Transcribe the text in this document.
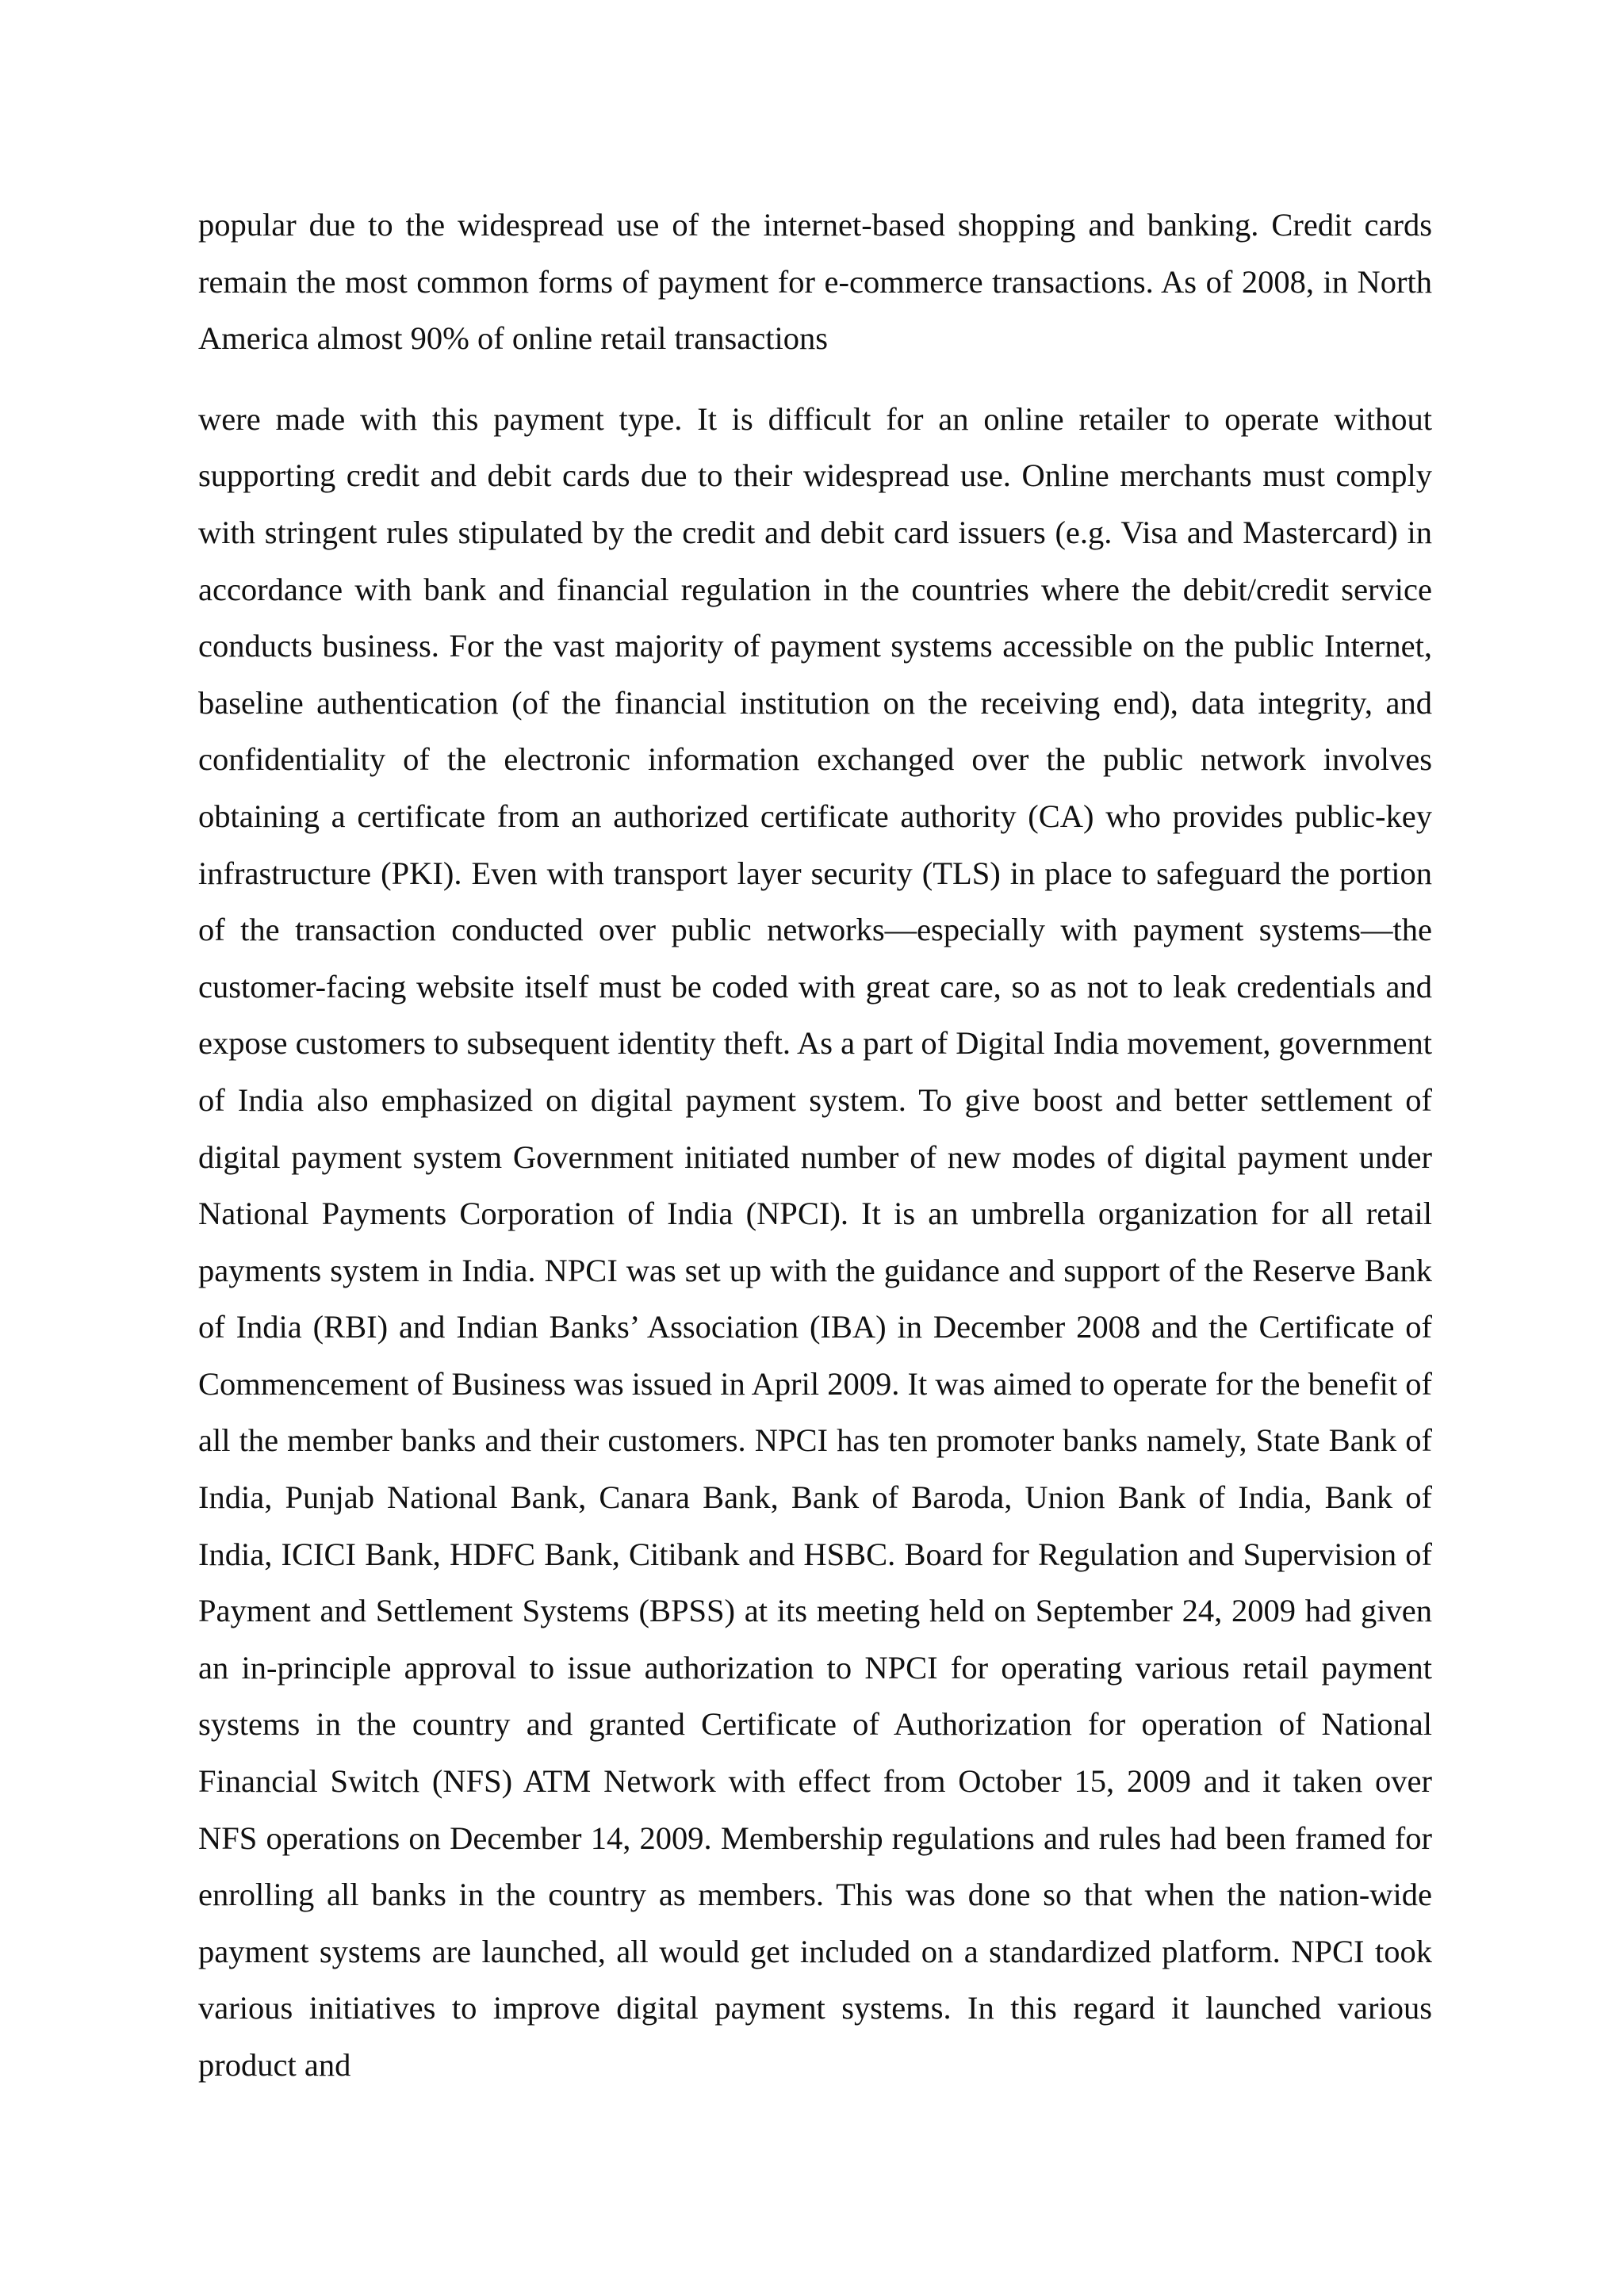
popular due to the widespread use of the internet-based shopping and banking. Credit cards remain the most common forms of payment for e-commerce transactions. As of 2008, in North America almost 90% of online retail transactions

were made with this payment type. It is difficult for an online retailer to operate without supporting credit and debit cards due to their widespread use. Online merchants must comply with stringent rules stipulated by the credit and debit card issuers (e.g. Visa and Mastercard) in accordance with bank and financial regulation in the countries where the debit/credit service conducts business. For the vast majority of payment systems accessible on the public Internet, baseline authentication (of the financial institution on the receiving end), data integrity, and confidentiality of the electronic information exchanged over the public network involves obtaining a certificate from an authorized certificate authority (CA) who provides public-key infrastructure (PKI). Even with transport layer security (TLS) in place to safeguard the portion of the transaction conducted over public networks—especially with payment systems—the customer-facing website itself must be coded with great care, so as not to leak credentials and expose customers to subsequent identity theft. As a part of Digital India movement, government of India also emphasized on digital payment system. To give boost and better settlement of digital payment system Government initiated number of new modes of digital payment under National Payments Corporation of India (NPCI). It is an umbrella organization for all retail payments system in India. NPCI was set up with the guidance and support of the Reserve Bank of India (RBI) and Indian Banks’ Association (IBA) in December 2008 and the Certificate of Commencement of Business was issued in April 2009. It was aimed to operate for the benefit of all the member banks and their customers. NPCI has ten promoter banks namely, State Bank of India, Punjab National Bank, Canara Bank, Bank of Baroda, Union Bank of India, Bank of India, ICICI Bank, HDFC Bank, Citibank and HSBC. Board for Regulation and Supervision of Payment and Settlement Systems (BPSS) at its meeting held on September 24, 2009 had given an in-principle approval to issue authorization to NPCI for operating various retail payment systems in the country and granted Certificate of Authorization for operation of National Financial Switch (NFS) ATM Network with effect from October 15, 2009 and it taken over NFS operations on December 14, 2009. Membership regulations and rules had been framed for enrolling all banks in the country as members. This was done so that when the nation-wide payment systems are launched, all would get included on a standardized platform. NPCI took various initiatives to improve digital payment systems. In this regard it launched various product and
